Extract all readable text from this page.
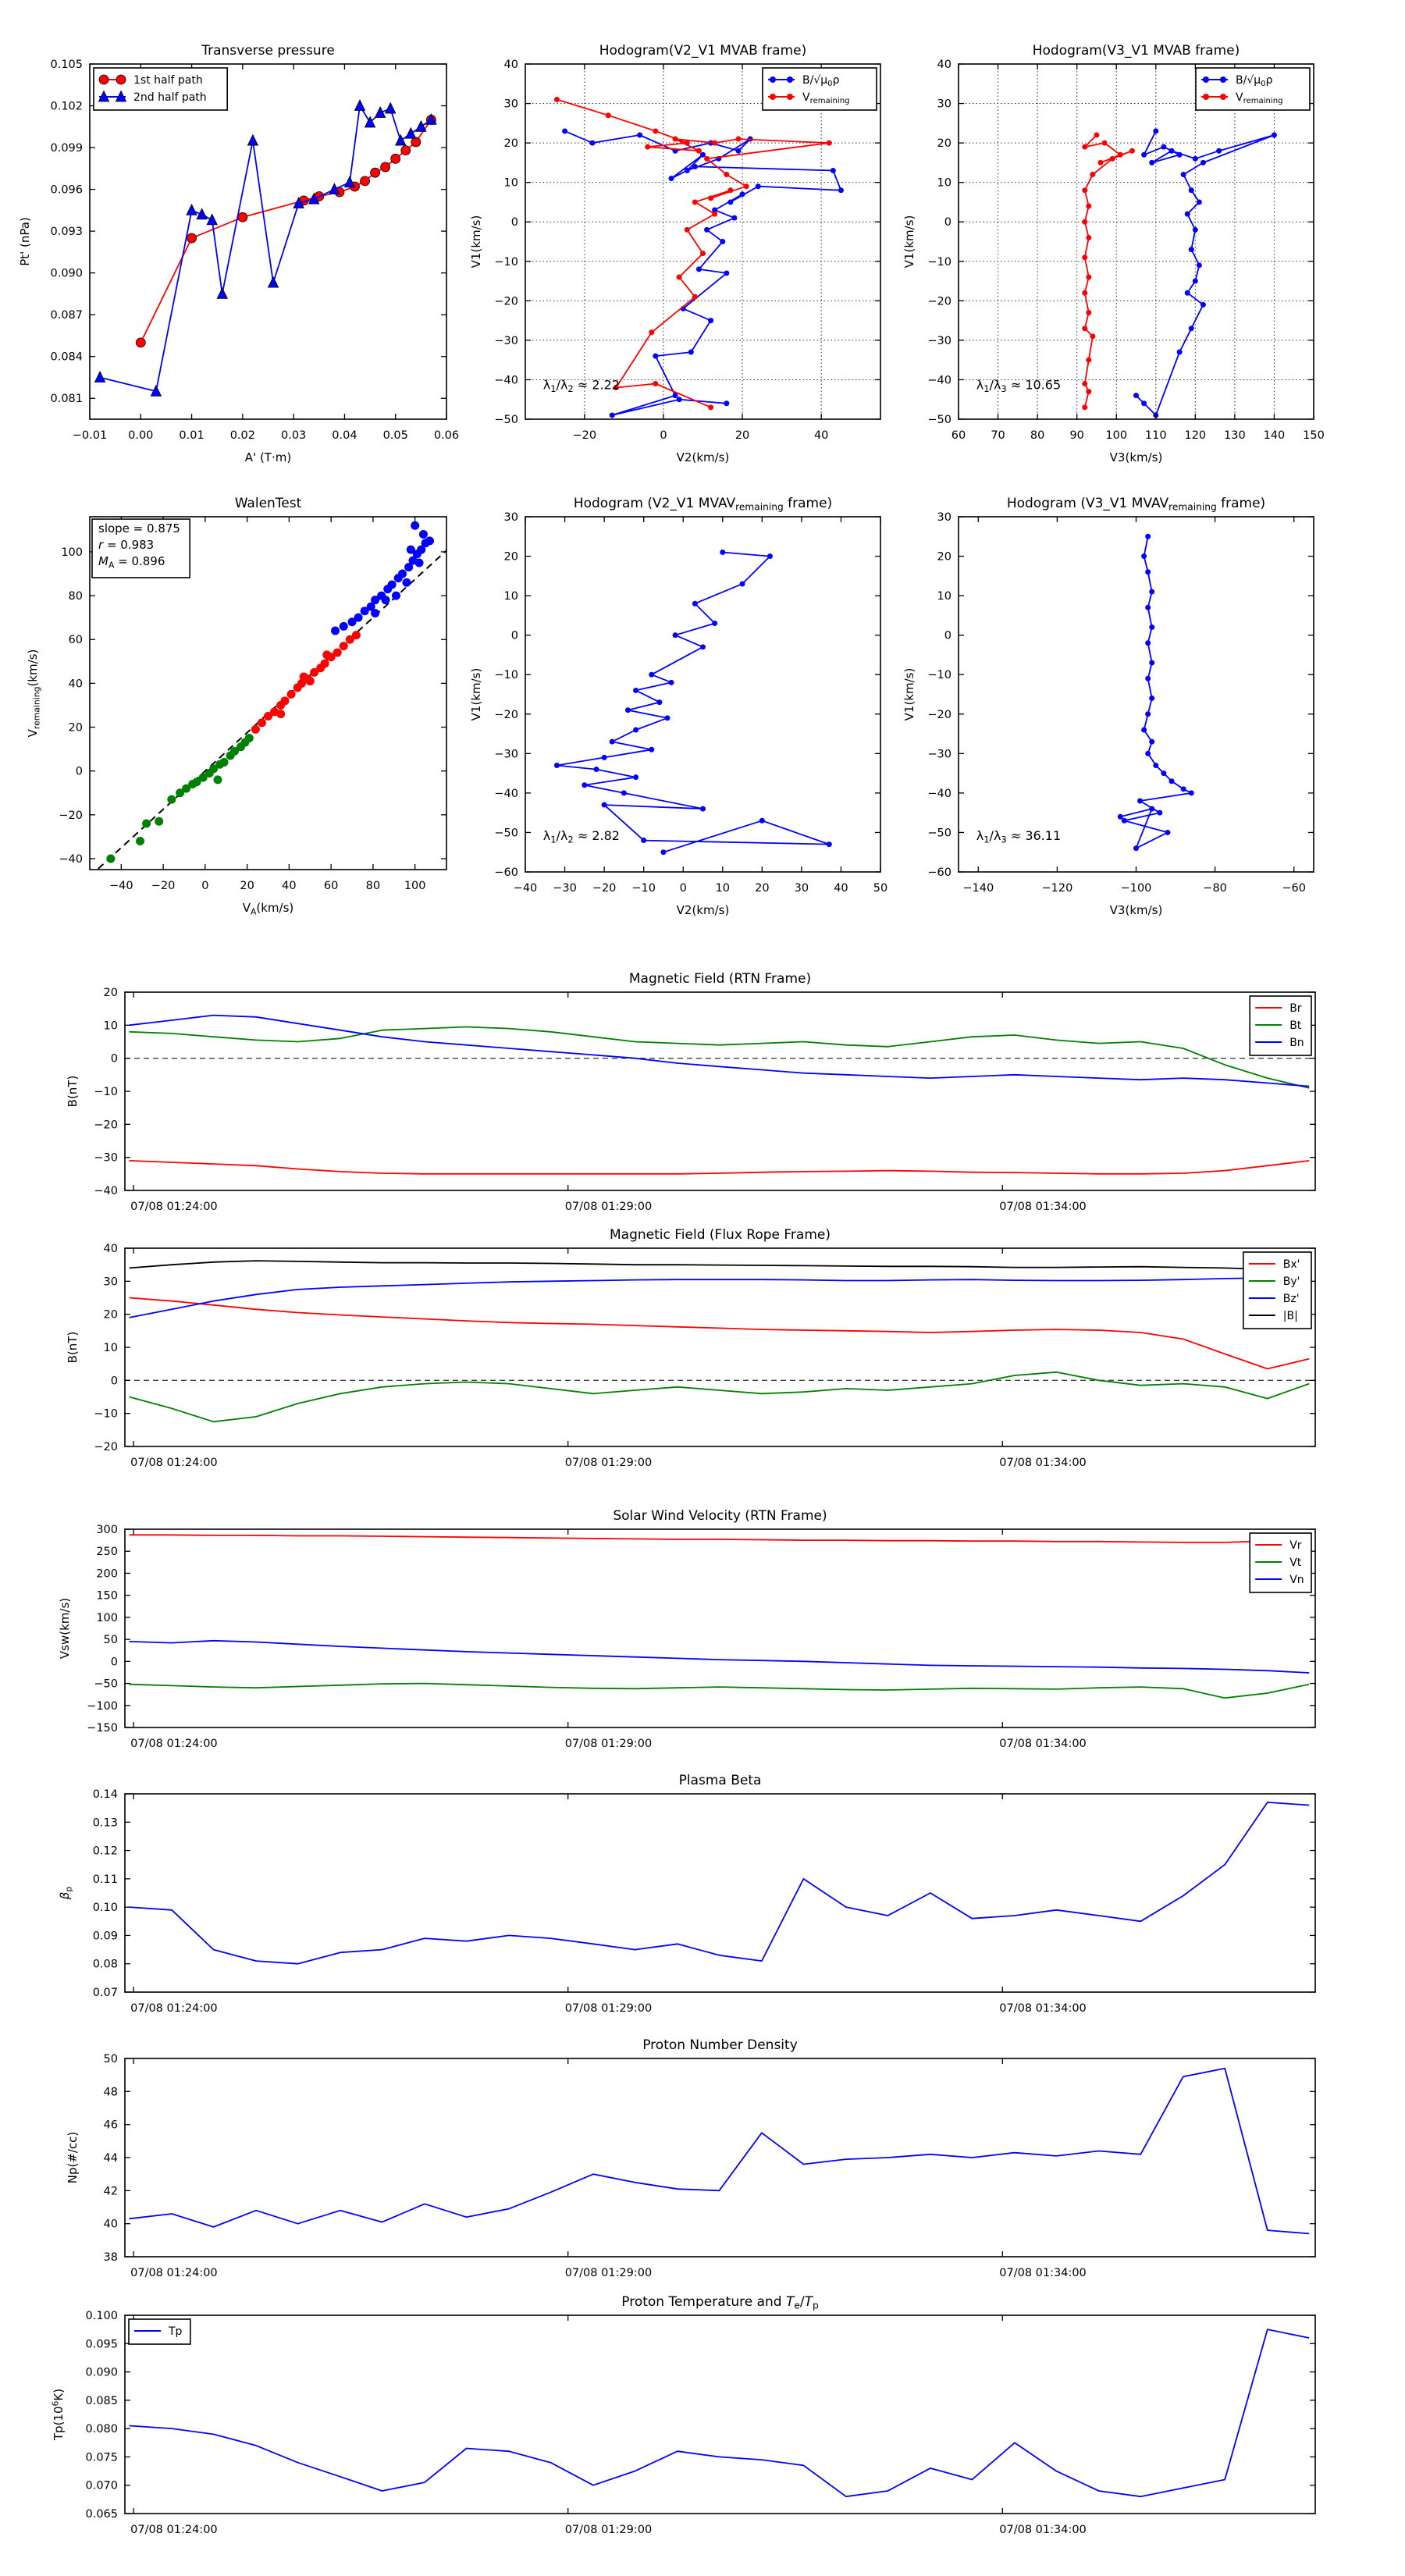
−0.01 0.00 0.01 0.02 0.03 0.04 0.05 0.06
0.081
0.084
0.087
0.090
0.093
0.096
0.099
0.102
0.105
Transverse pressure
A' (T·m)
Pt' (nPa)
1st half path
2nd half path
−20	0	20	40
−50
−40
−30
−20
−10
0
10
20
30
40
Hodogram(V2_V1 MVAB frame)
V2(km/s)
V1(km/s)
$\lambda_1/\lambda_2 \approx 2.22$
$B/√\mu_0\rho$
$V_{remaining}$
60 70 80 90 100 110 120 130 140 150
−50
−40
−30
−20
−10
0
10
20
30
40
Hodogram(V3_V1 MVAB frame)
V3(km/s)
V1(km/s)
$\lambda_1/\lambda_3 \approx 10.65$
$B/√\mu_0\rho$
$V_{remaining}$
−40 −20 0	20 40 60 80 100
−40
−20
0
20
40
60
80
100
WalenTest
$V_A(km/s)$
$V_{remaining}(km/s)$
slope = 0.875
r = 0.983
$M_A = 0.896$
−40 −30 −20 −10 0	10 20 30 40 50
−60
−50
−40
−30
−20
−10
0
10
20
30
Hodogram (V2_V1 $MVAV_{remaining}$ frame)
V2(km/s)
V1(km/s)
$\lambda_1/\lambda_2 \approx 2.82$
−140	−120	−100	−80	−60
−60
−50
−40
−30
−20
−10
0
10
20
30
Hodogram (V3_V1 $MVAV_{remaining}$ frame)
V3(km/s)
V1(km/s)
$\lambda_1/\lambda_3 \approx 36.11$
07/08 01:24:00	07/08 01:29:00	07/08 01:34:00
−40
−30
−20
−10
0
10
20
Magnetic Field (RTN Frame)
B(nT)
Br
Bt
Bn
07/08 01:24:00	07/08 01:29:00	07/08 01:34:00
−20
−10
0
10
20
30
40
Magnetic Field (Flux Rope Frame)
B(nT)
Bx'
By'
Bz'
|B|
07/08 01:24:00	07/08 01:29:00	07/08 01:34:00
−150
−100
−50
0
50
100
150
200
250
300
Solar Wind Velocity (RTN Frame)
Vsw(km/s)
Vr
Vt
Vn
07/08 01:24:00	07/08 01:29:00	07/08 01:34:00
0.07
0.08
0.09
0.10
0.11
0.12
0.13
0.14
Plasma Beta
$\beta_p$
07/08 01:24:00	07/08 01:29:00	07/08 01:34:00
38
40
42
44
46
48
50
Proton Number Density
Np(#/cc)
07/08 01:24:00	07/08 01:29:00	07/08 01:34:00
0.065
0.070
0.075
0.080
0.085
0.090
0.095
0.100
Proton Temperature and $T_e/T_p$
$Tp(10^6K)$
Tp
